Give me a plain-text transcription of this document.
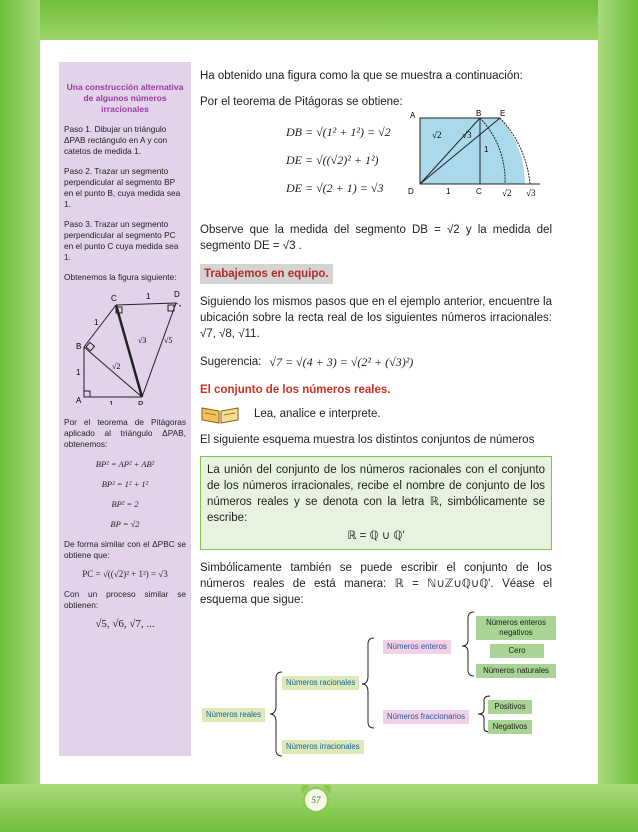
Una construcción alternativa de algunos números irracionales
Paso 1. Dibujar un triángulo ΔPAB rectángulo en A y con catetos de medida 1.
Paso 2. Trazar un segmento perpendicular al segmento BP en el punto B, cuya medida sea 1.
Paso 3. Trazar un segmento perpendicular al segmento PC en el punto C cuya medida sea 1.
Obtenemos la figura siguiente:
A
B
C	D
P
1
1
1
1
√2
√3 √5
Por el teorema de Pitágoras aplicado al triángulo ΔPAB, obtenemos:
BP² = AP² + AB²
BP² = 1² + 1²
BP² = 2
BP = √2
De forma similar con el ΔPBC se obtiene que:
PC = √((√2)² + 1²) = √3
Con un proceso similar se obtienen:
√5, √6, √7, ...
Ha obtenido una figura como la que se muestra a continuación:
Por el teorema de Pitágoras se obtiene:
DB = √(1² + 1²) = √2
DE = √((√2)² + 1²)
DE = √(2 + 1) = √3
A	B E
D	C
1
1
√2 √3
√2 √3
Observe que la medida del segmento DB = √2 y la medida del segmento DE = √3 .
Trabajemos en equipo.
Siguiendo los mismos pasos que en el ejemplo anterior, encuentre la ubicación sobre la recta real de los siguientes números irracionales: √7, √8, √11.
Sugerencia: √7 = √(4 + 3) = √(2² + (√3)²)
El conjunto de los números reales.
Lea, analice e interprete.
El siguiente esquema muestra los distintos conjuntos de números
La unión del conjunto de los números racionales con el conjunto de los números irracionales, recibe el nombre de conjunto de los números reales y se denota con la letra ℝ, simbólicamente se escribe:
ℝ = ℚ ∪ ℚ'
Simbólicamente también se puede escribir el conjunto de los números reales de está manera: ℝ = ℕ∪ℤ∪ℚ∪ℚ'. Véase el esquema que sigue:
Números reales
Números racionales
Números irracionales
Números enteros
Números fraccionarios
Números enteros negativos
Cero
Números naturales
Positivos
Negativos
57
